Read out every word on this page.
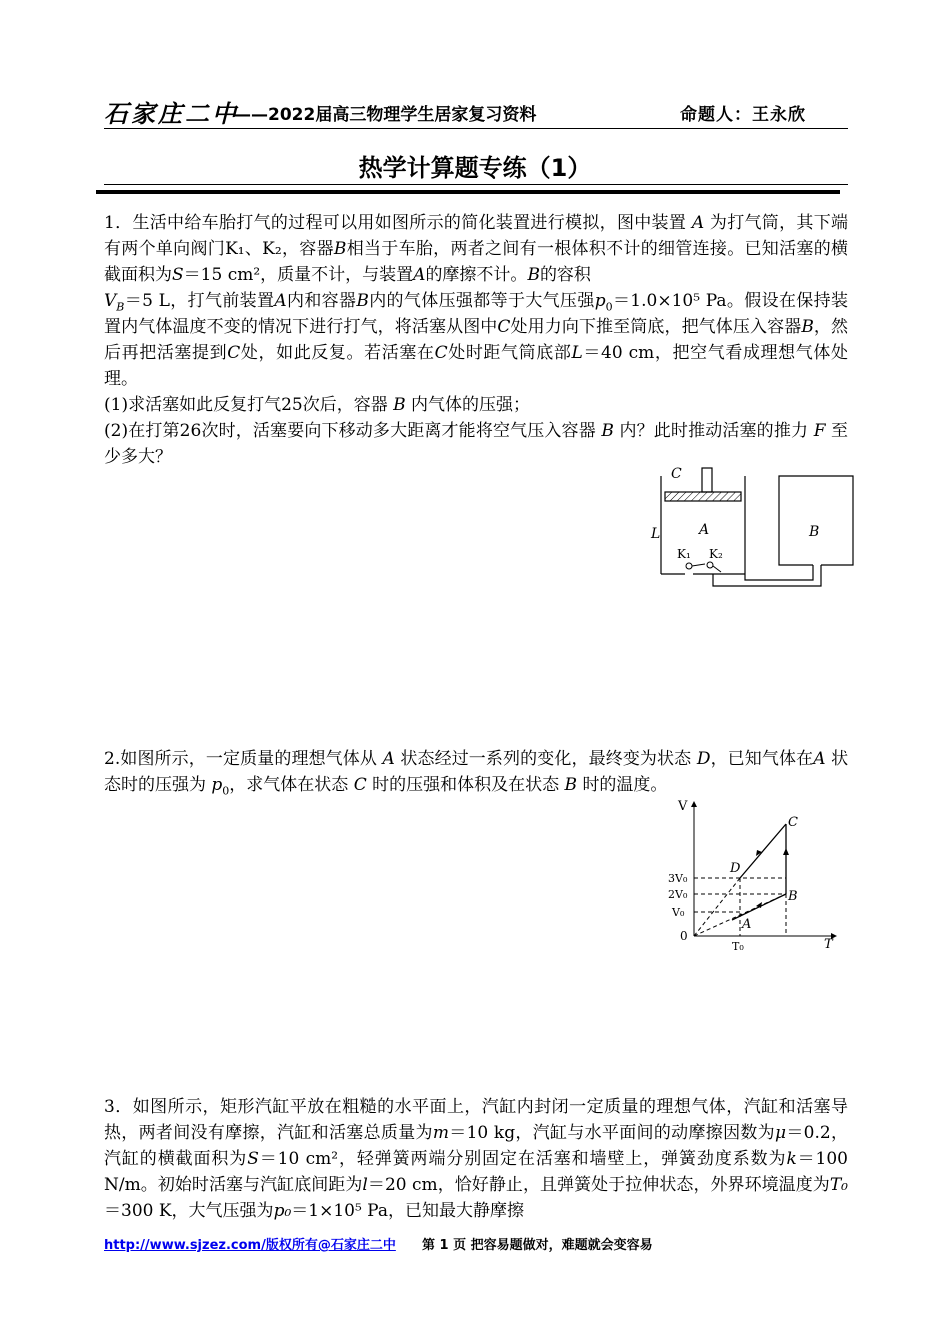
石家庄二中
——2022届高三物理学生居家复习资料	命题人：王永欣
热学计算题专练（1）

1．生活中给车胎打气的过程可以用如图所示的简化装置进行模拟，图中装置 A 为打气筒，其下端有两个单向阀门K₁、K₂，容器B相当于车胎，两者之间有一根体积不计的细管连接。已知活塞的横截面积为S＝15 cm²，质量不计，与装置A的摩擦不计。B的容积
$V_B=5$ L，打气前装置A内和容器B内的气体压强都等于大气压强$p_0=1.0\times 10^5$ Pa。假设在保持装置内气体温度不变的情况下进行打气，将活塞从图中C处用力向下推至筒底，把气体压入容器B，然后再把活塞提到C处，如此反复。若活塞在C处时距气筒底部L＝40 cm，把空气看成理想气体处理。

(1)求活塞如此反复打气25次后，容器 B 内气体的压强；

(2)在打第26次时，活塞要向下移动多大距离才能将空气压入容器 B 内？此时推动活塞的推力 F 至少多大？

C
L	A	B
K₁ K₂

2.如图所示，一定质量的理想气体从 A 状态经过一系列的变化，最终变为状态 D，已知气体在A 状态时的压强为 $p_0$，求气体在状态 C 时的压强和体积及在状态 B 时的温度。

V
T
0
3V₀
2V₀
V₀
T₀
A
B
C
D

3．如图所示，矩形汽缸平放在粗糙的水平面上，汽缸内封闭一定质量的理想气体，汽缸和活塞导热，两者间没有摩擦，汽缸和活塞总质量为m＝10 kg，汽缸与水平面间的动摩擦因数为μ＝0.2，汽缸的横截面积为S＝10 cm²，轻弹簧两端分别固定在活塞和墙壁上，弹簧劲度系数为k＝100 N/m。初始时活塞与汽缸底间距为l＝20 cm，恰好静止，且弹簧处于拉伸状态，外界环境温度为T₀＝300 K，大气压强为p₀＝1×10⁵ Pa，已知最大静摩擦

http://www.sjzez.com/版权所有@石家庄二中 第 1 页 把容易题做对，难题就会变容易
